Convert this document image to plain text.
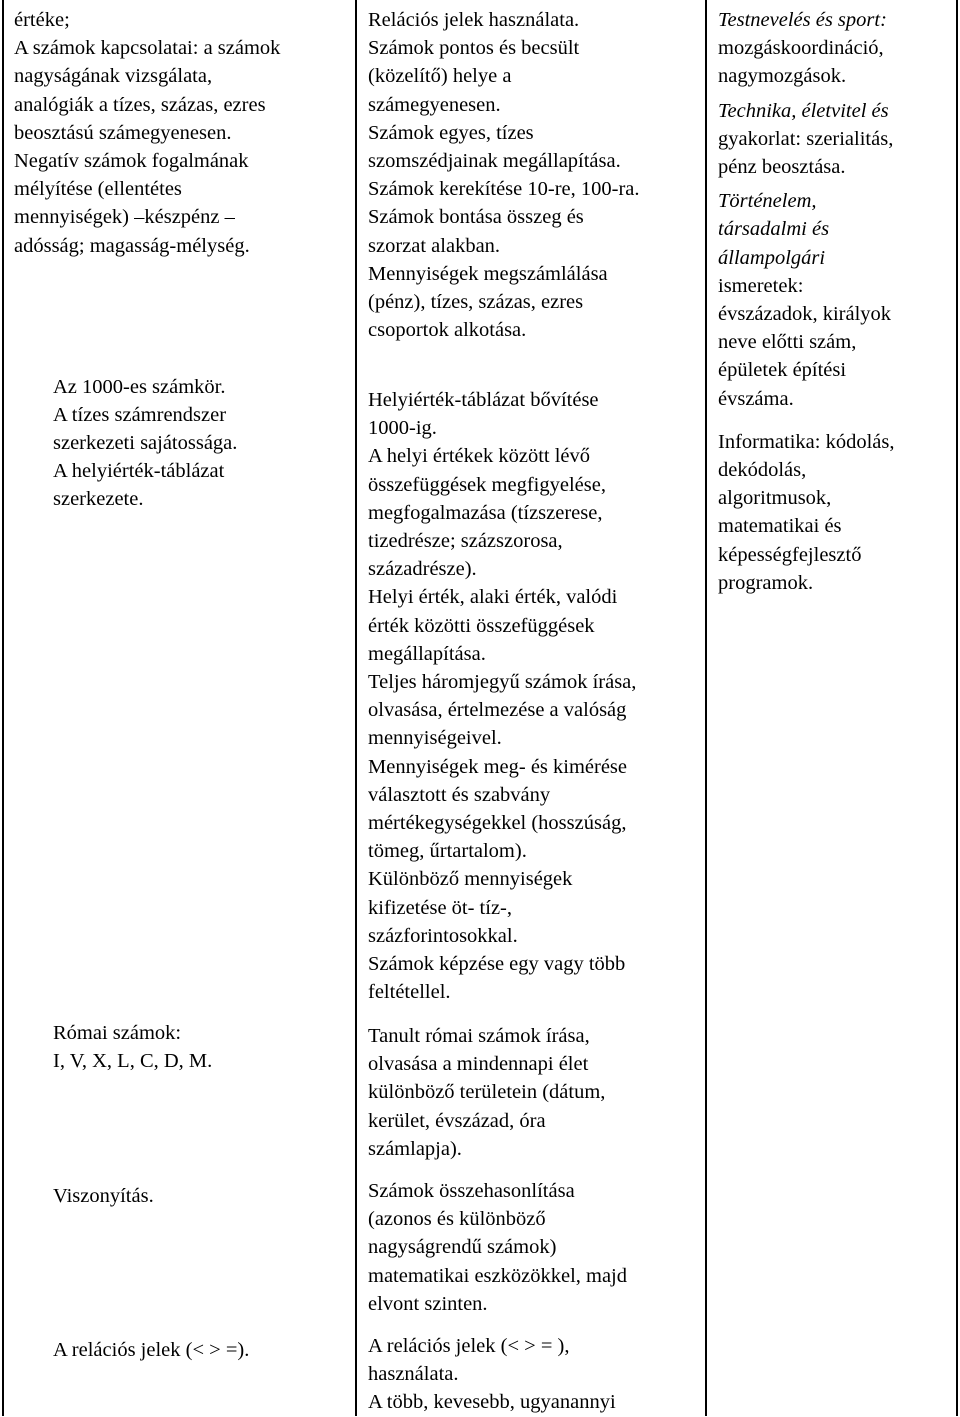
értéke;
A számok kapcsolatai: a számok
nagyságának vizsgálata,
analógiák a tízes, százas, ezres
beosztású számegyenesen.
Negatív számok fogalmának
mélyítése (ellentétes
mennyiségek) –készpénz –
adósság; magasság-mélység.
Az 1000-es számkör.
A tízes számrendszer
szerkezeti sajátossága.
A helyiérték-táblázat
szerkezete.
Római számok:
I, V, X, L, C, D, M.
Viszonyítás.
A relációs jelek (< > =).
Relációs jelek használata.
Számok pontos és becsült
(közelítő) helye a
számegyenesen.
Számok egyes, tízes
szomszédjainak megállapítása.
Számok kerekítése 10-re, 100-ra.
Számok bontása összeg és
szorzat alakban.
Mennyiségek megszámlálása
(pénz), tízes, százas, ezres
csoportok alkotása.
Helyiérték-táblázat bővítése
1000-ig.
A helyi értékek között lévő
összefüggések megfigyelése,
megfogalmazása (tízszerese,
tizedrésze; százszorosa,
századrésze).
Helyi érték, alaki érték, valódi
érték közötti összefüggések
megállapítása.
Teljes háromjegyű számok írása,
olvasása, értelmezése a valóság
mennyiségeivel.
Mennyiségek meg- és kimérése
választott és szabvány
mértékegységekkel (hosszúság,
tömeg, űrtartalom).
Különböző mennyiségek
kifizetése öt- tíz-,
százforintosokkal.
Számok képzése egy vagy több
feltétellel.
Tanult római számok írása,
olvasása a mindennapi élet
különböző területein (dátum,
kerület, évszázad, óra
számlapja).
Számok összehasonlítása
(azonos és különböző
nagyságrendű számok)
matematikai eszközökkel, majd
elvont szinten.
A relációs jelek (< > = ),
használata.
A több, kevesebb, ugyanannyi
Testnevelés és sport:
mozgáskoordináció,
nagymozgások.
Technika, életvitel és
gyakorlat: szerialitás,
pénz beosztása.
Történelem,
társadalmi és
állampolgári
ismeretek:
évszázadok, királyok
neve előtti szám,
épületek építési
évszáma.
Informatika: kódolás,
dekódolás,
algoritmusok,
matematikai és
képességfejlesztő
programok.
